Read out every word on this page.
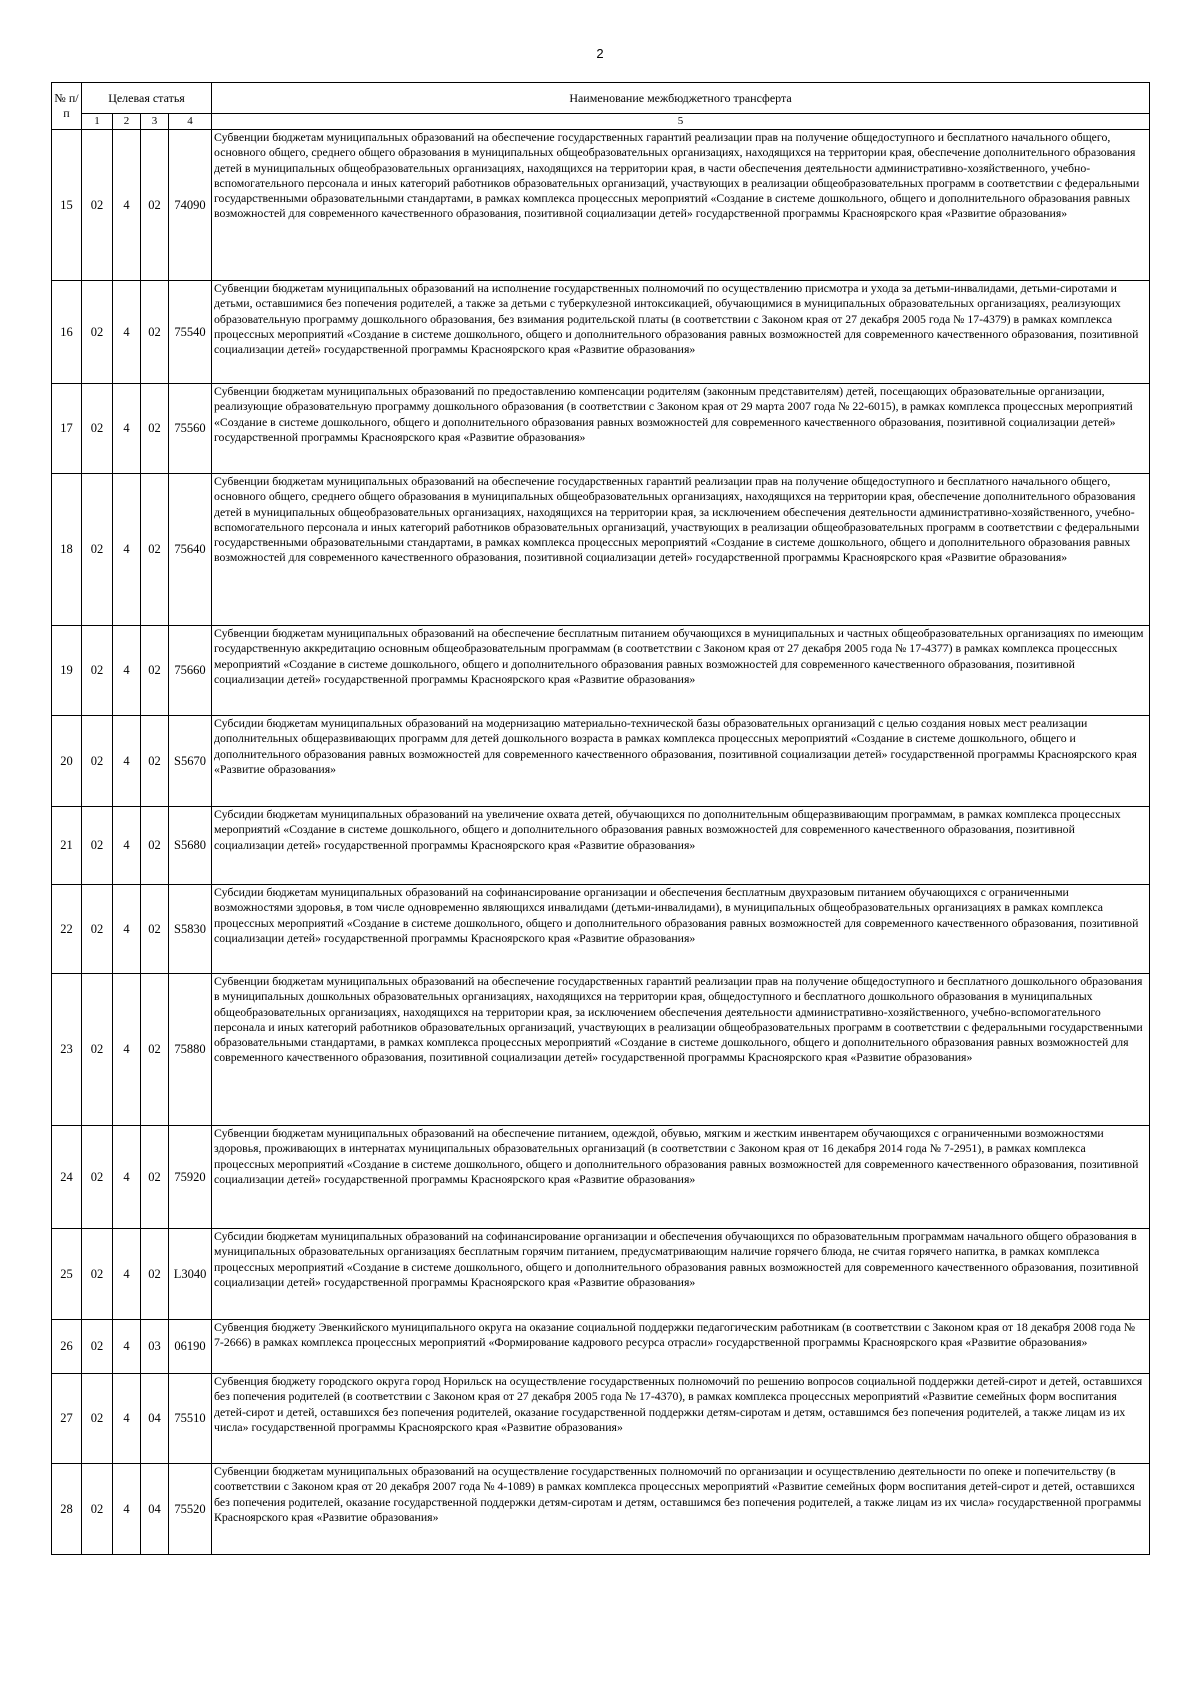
2
№ п/п	Целевая статья				Наименование межбюджетного трансферта
	1	2	3	4	5
15	02	4	02	74090	Субвенции бюджетам муниципальных образований на обеспечение государственных гарантий реализации прав на получение общедоступного и бесплатного начального общего, основного общего, среднего общего образования в муниципальных общеобразовательных организациях, находящихся на территории края, обеспечение дополнительного образования детей в муниципальных общеобразовательных организациях, находящихся на территории края, в части обеспечения деятельности административно-хозяйственного, учебно-вспомогательного персонала и иных категорий работников образовательных организаций, участвующих в реализации общеобразовательных программ в соответствии с федеральными государственными образовательными стандартами, в рамках комплекса процессных мероприятий «Создание в системе дошкольного, общего и дополнительного образования равных возможностей для современного качественного образования, позитивной социализации детей» государственной программы Красноярского края «Развитие образования»
16	02	4	02	75540	Субвенции бюджетам муниципальных образований на исполнение государственных полномочий по осуществлению присмотра и ухода за детьми-инвалидами, детьми-сиротами и детьми, оставшимися без попечения родителей, а также за детьми с туберкулезной интоксикацией, обучающимися в муниципальных образовательных организациях, реализующих образовательную программу дошкольного образования, без взимания родительской платы (в соответствии с Законом края от 27 декабря 2005 года № 17-4379) в рамках комплекса процессных мероприятий «Создание в системе дошкольного, общего и дополнительного образования равных возможностей для современного качественного образования, позитивной социализации детей» государственной программы Красноярского края «Развитие образования»
17	02	4	02	75560	Субвенции бюджетам муниципальных образований по предоставлению компенсации родителям (законным представителям) детей, посещающих образовательные организации, реализующие образовательную программу дошкольного образования (в соответствии с Законом края от 29 марта 2007 года № 22-6015), в рамках комплекса процессных мероприятий «Создание в системе дошкольного, общего и дополнительного образования равных возможностей для современного качественного образования, позитивной социализации детей» государственной программы Красноярского края «Развитие образования»
18	02	4	02	75640	Субвенции бюджетам муниципальных образований на обеспечение государственных гарантий реализации прав на получение общедоступного и бесплатного начального общего, основного общего, среднего общего образования в муниципальных общеобразовательных организациях, находящихся на территории края, обеспечение дополнительного образования детей в муниципальных общеобразовательных организациях, находящихся на территории края, за исключением обеспечения деятельности административно-хозяйственного, учебно-вспомогательного персонала и иных категорий работников образовательных организаций, участвующих в реализации общеобразовательных программ в соответствии с федеральными государственными образовательными стандартами, в рамках комплекса процессных мероприятий «Создание в системе дошкольного, общего и дополнительного образования равных возможностей для современного качественного образования, позитивной социализации детей» государственной программы Красноярского края «Развитие образования»
19	02	4	02	75660	Субвенции бюджетам муниципальных образований на обеспечение бесплатным питанием обучающихся в муниципальных и частных общеобразовательных организациях по имеющим государственную аккредитацию основным общеобразовательным программам (в соответствии с Законом края от 27 декабря 2005 года № 17-4377) в рамках комплекса процессных мероприятий «Создание в системе дошкольного, общего и дополнительного образования равных возможностей для современного качественного образования, позитивной социализации детей» государственной программы Красноярского края «Развитие образования»
20	02	4	02	S5670	Субсидии бюджетам муниципальных образований на модернизацию материально-технической базы образовательных организаций с целью создания новых мест реализации дополнительных общеразвивающих программ для детей дошкольного возраста в рамках комплекса процессных мероприятий «Создание в системе дошкольного, общего и дополнительного образования равных возможностей для современного качественного образования, позитивной социализации детей» государственной программы Красноярского края «Развитие образования»
21	02	4	02	S5680	Субсидии бюджетам муниципальных образований на увеличение охвата детей, обучающихся по дополнительным общеразвивающим программам, в рамках комплекса процессных мероприятий «Создание в системе дошкольного, общего и дополнительного образования равных возможностей для современного качественного образования, позитивной социализации детей» государственной программы Красноярского края «Развитие образования»
22	02	4	02	S5830	Субсидии бюджетам муниципальных образований на софинансирование организации и обеспечения бесплатным двухразовым питанием обучающихся с ограниченными возможностями здоровья, в том числе одновременно являющихся инвалидами (детьми-инвалидами), в муниципальных общеобразовательных организациях в рамках комплекса процессных мероприятий «Создание в системе дошкольного, общего и дополнительного образования равных возможностей для современного качественного образования, позитивной социализации детей» государственной программы Красноярского края «Развитие образования»
23	02	4	02	75880	Субвенции бюджетам муниципальных образований на обеспечение государственных гарантий реализации прав на получение общедоступного и бесплатного дошкольного образования в муниципальных дошкольных образовательных организациях, находящихся на территории края, общедоступного и бесплатного дошкольного образования в муниципальных общеобразовательных организациях, находящихся на территории края, за исключением обеспечения деятельности административно-хозяйственного, учебно-вспомогательного персонала и иных категорий работников образовательных организаций, участвующих в реализации общеобразовательных программ в соответствии с федеральными государственными образовательными стандартами, в рамках комплекса процессных мероприятий «Создание в системе дошкольного, общего и дополнительного образования равных возможностей для современного качественного образования, позитивной социализации детей» государственной программы Красноярского края «Развитие образования»
24	02	4	02	75920	Субвенции бюджетам муниципальных образований на обеспечение питанием, одеждой, обувью, мягким и жестким инвентарем обучающихся с ограниченными возможностями здоровья, проживающих в интернатах муниципальных образовательных организаций (в соответствии с Законом края от 16 декабря 2014 года № 7-2951), в рамках комплекса процессных мероприятий «Создание в системе дошкольного, общего и дополнительного образования равных возможностей для современного качественного образования, позитивной социализации детей» государственной программы Красноярского края «Развитие образования»
25	02	4	02	L3040	Субсидии бюджетам муниципальных образований на софинансирование организации и обеспечения обучающихся по образовательным программам начального общего образования в муниципальных образовательных организациях бесплатным горячим питанием, предусматривающим наличие горячего блюда, не считая горячего напитка, в рамках комплекса процессных мероприятий «Создание в системе дошкольного, общего и дополнительного образования равных возможностей для современного качественного образования, позитивной социализации детей» государственной программы Красноярского края «Развитие образования»
26	02	4	03	06190	Субвенция бюджету Эвенкийского муниципального округа на оказание социальной поддержки педагогическим работникам (в соответствии с Законом края от 18 декабря 2008 года № 7-2666) в рамках комплекса процессных мероприятий «Формирование кадрового ресурса отрасли» государственной программы Красноярского края «Развитие образования»
27	02	4	04	75510	Субвенция бюджету городского округа город Норильск на осуществление государственных полномочий по решению вопросов социальной поддержки детей-сирот и детей, оставшихся без попечения родителей (в соответствии с Законом края от 27 декабря 2005 года № 17-4370), в рамках комплекса процессных мероприятий «Развитие семейных форм воспитания детей-сирот и детей, оставшихся без попечения родителей, оказание государственной поддержки детям-сиротам и детям, оставшимся без попечения родителей, а также лицам из их числа» государственной программы Красноярского края «Развитие образования»
28	02	4	04	75520	Субвенции бюджетам муниципальных образований на осуществление государственных полномочий по организации и осуществлению деятельности по опеке и попечительству (в соответствии с Законом края от 20 декабря 2007 года № 4-1089) в рамках комплекса процессных мероприятий «Развитие семейных форм воспитания детей-сирот и детей, оставшихся без попечения родителей, оказание государственной поддержки детям-сиротам и детям, оставшимся без попечения родителей, а также лицам из их числа» государственной программы Красноярского края «Развитие образования»
